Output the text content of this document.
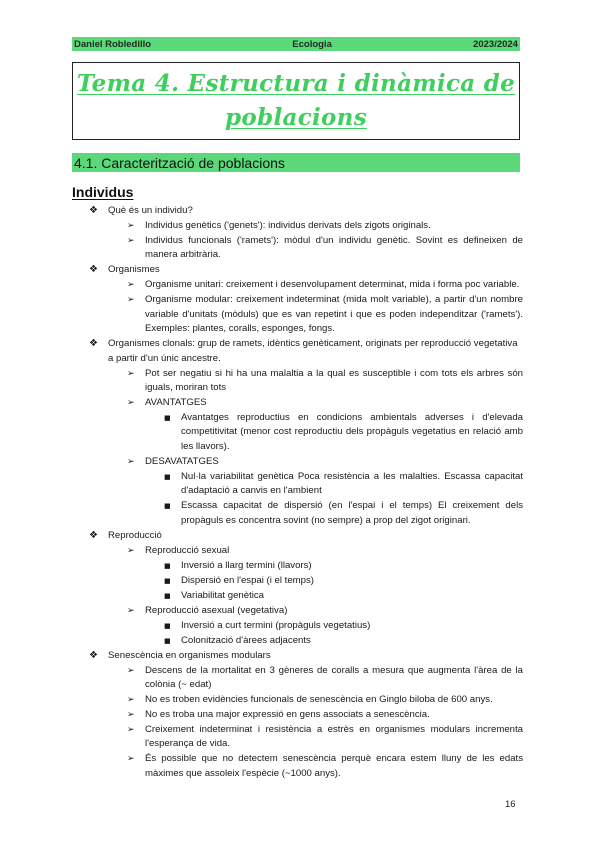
Daniel Robledillo	Ecologia	2023/2024
Tema 4. Estructura i dinàmica de poblacions
4.1. Caracterització de poblacions
Individus
❖ Què és un individu?
➢ Individus genètics ('genets'): individus derivats dels zigots originals.
➢ Individus funcionals ('ramets'): mòdul d'un individu genètic. Sovint es defineixen de manera arbitrària.
❖ Organismes
➢ Organisme unitari: creixement i desenvolupament determinat, mida i forma poc variable.
➢ Organisme modular: creixement indeterminat (mida molt variable), a partir d'un nombre variable d'unitats (mòduls) que es van repetint i que es poden independitzar ('ramets'). Exemples: plantes, coralls, esponges, fongs.
❖ Organismes clonals: grup de ramets, idèntics genèticament, originats per reproducció vegetativa a partir d'un únic ancestre.
➢ Pot ser negatiu si hi ha una malaltia a la qual es susceptible i com tots els arbres són iguals, moriran tots
➢ AVANTATGES
■ Avantatges reproductius en condicions ambientals adverses i d'elevada competitivitat (menor cost reproductiu dels propàguls vegetatius en relació amb les llavors).
➢ DESAVATATGES
■ Nul·la variabilitat genètica Poca resistència a les malalties. Escassa capacitat d'adaptació a canvis en l'ambient
■ Escassa capacitat de dispersió (en l'espai i el temps) El creixement dels propàguls es concentra sovint (no sempre) a prop del zigot originari.
❖ Reproducció
➢ Reproducció sexual
■ Inversió a llarg termini (llavors)
■ Dispersió en l'espai (i el temps)
■ Variabilitat genètica
➢ Reproducció asexual (vegetativa)
■ Inversió a curt termini (propàguls vegetatius)
■ Colonització d'àrees adjacents
❖ Senescència en organismes modulars
➢ Descens de la mortalitat en 3 gèneres de coralls a mesura que augmenta l'àrea de la colònia (~ edat)
➢ No es troben evidències funcionals de senescència en Ginglo biloba de 600 anys.
➢ No es troba una major expressió en gens associats a senescència.
➢ Creixement indeterminat i resistència a estrès en organismes modulars incrementa l'esperança de vida.
➢ És possible que no detectem senescència perquè encara estem lluny de les edats màximes que assoleix l'espècie (~1000 anys).
16
